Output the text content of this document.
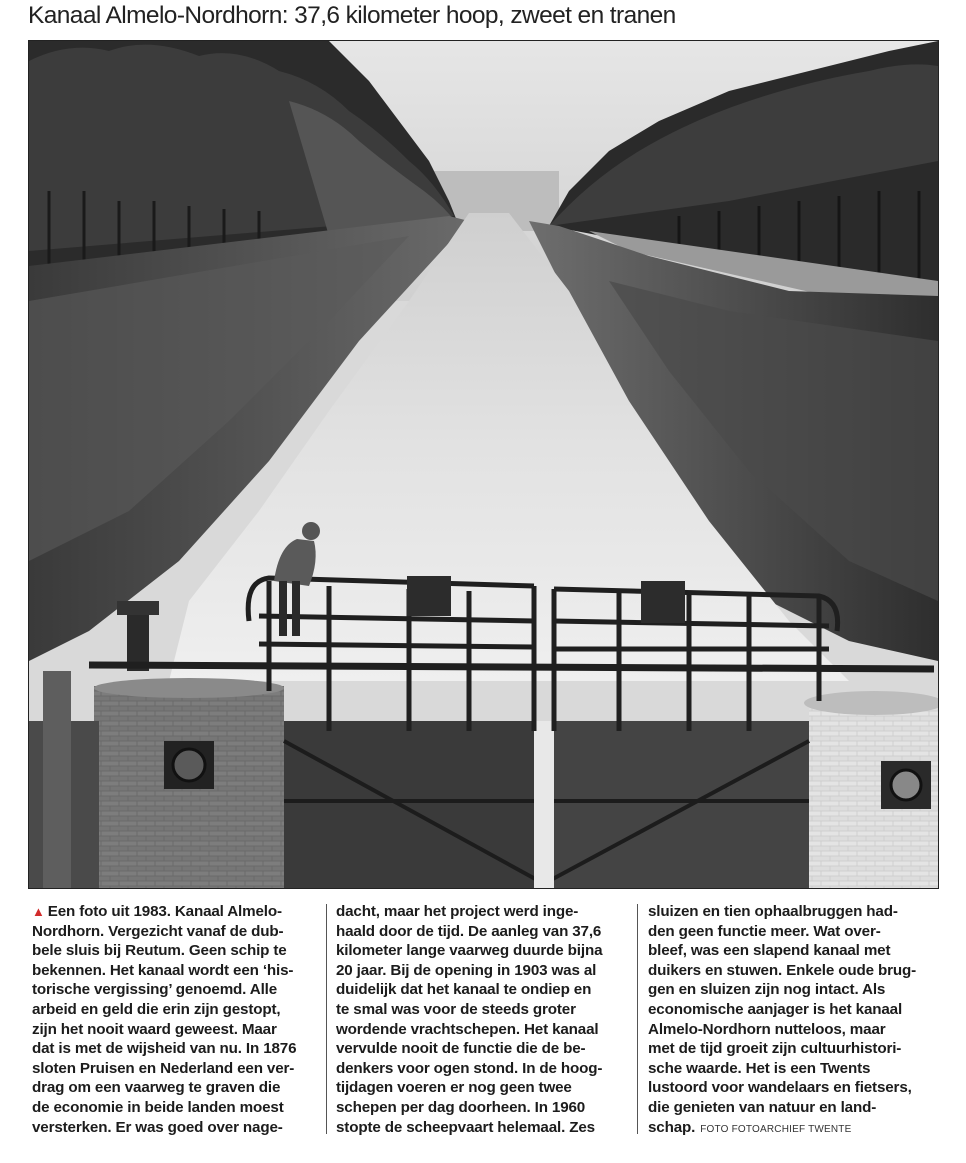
Kanaal Almelo-Nordhorn: 37,6 kilometer hoop, zweet en tranen
▲ Een foto uit 1983. Kanaal Almelo-
Nordhorn. Vergezicht vanaf de dub-
bele sluis bij Reutum. Geen schip te
bekennen. Het kanaal wordt een ‘his-
torische vergissing’ genoemd. Alle
arbeid en geld die erin zijn gestopt,
zijn het nooit waard geweest. Maar
dat is met de wijsheid van nu. In 1876
sloten Pruisen en Nederland een ver-
drag om een vaarweg te graven die
de economie in beide landen moest
versterken. Er was goed over nage-
dacht, maar het project werd inge-
haald door de tijd. De aanleg van 37,6
kilometer lange vaarweg duurde bijna
20 jaar. Bij de opening in 1903 was al
duidelijk dat het kanaal te ondiep en
te smal was voor de steeds groter
wordende vrachtschepen. Het kanaal
vervulde nooit de functie die de be-
denkers voor ogen stond. In de hoog-
tijdagen voeren er nog geen twee
schepen per dag doorheen. In 1960
stopte de scheepvaart helemaal. Zes
sluizen en tien ophaalbruggen had-
den geen functie meer. Wat over-
bleef, was een slapend kanaal met
duikers en stuwen. Enkele oude brug-
gen en sluizen zijn nog intact. Als
economische aanjager is het kanaal
Almelo-Nordhorn nutteloos, maar
met de tijd groeit zijn cultuurhistori-
sche waarde. Het is een Twents
lustoord voor wandelaars en fietsers,
die genieten van natuur en land-
schap. FOTO FOTOARCHIEF TWENTE
